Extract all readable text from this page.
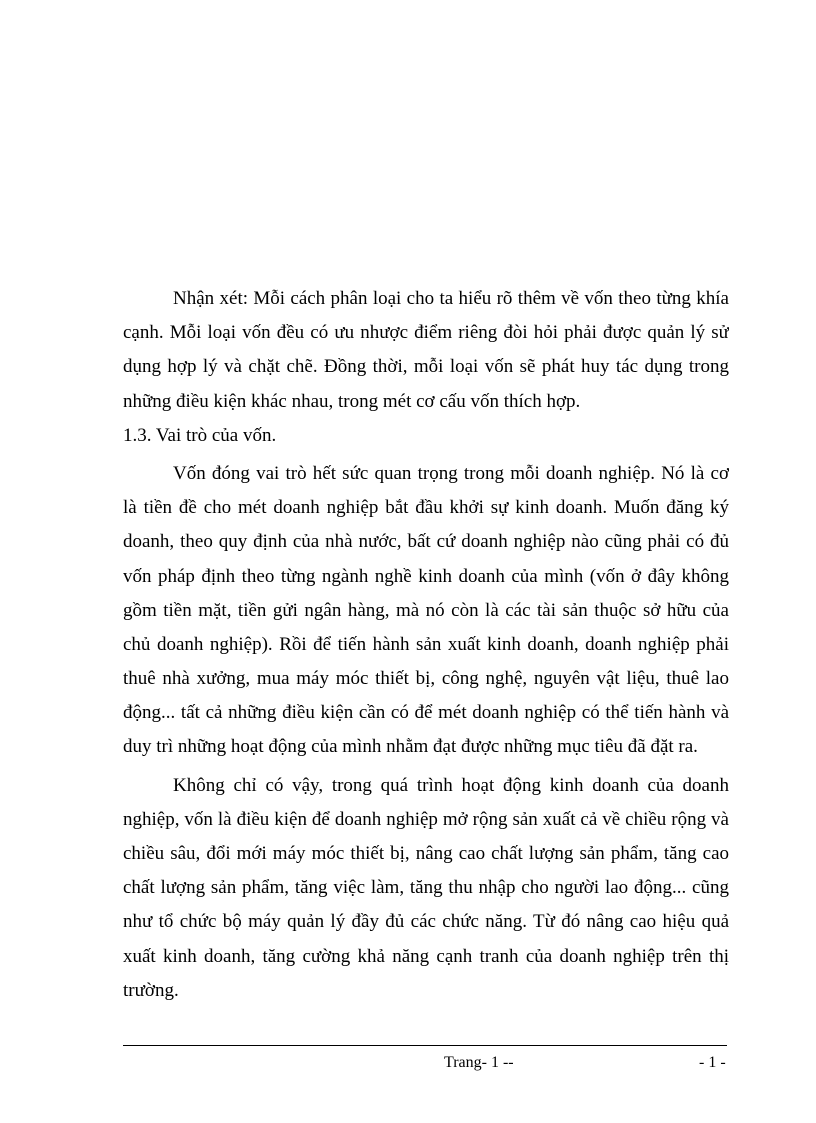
Nhận xét: Mỗi cách phân loại cho ta hiểu rõ thêm về vốn theo từng khía
cạnh. Mỗi loại vốn đều có ưu nhược điểm riêng đòi hỏi phải được quản lý sử
dụng hợp lý và chặt chẽ. Đồng thời, mỗi loại vốn sẽ phát huy tác dụng trong
những điều kiện khác nhau, trong mét cơ cấu vốn thích hợp.
1.3. Vai trò của vốn.
Vốn đóng vai trò hết sức quan trọng trong mỗi doanh nghiệp. Nó là cơ
là tiền đề cho mét doanh nghiệp bắt đầu khởi sự kinh doanh. Muốn đăng ký
doanh, theo quy định của nhà nước, bất cứ doanh nghiệp nào cũng phải có đủ
vốn pháp định theo từng ngành nghề kinh doanh của mình (vốn ở đây không
gồm tiền mặt, tiền gửi ngân hàng, mà nó còn là các tài sản thuộc sở hữu của
chủ doanh nghiệp). Rồi để tiến hành sản xuất kinh doanh, doanh nghiệp phải
thuê nhà xưởng, mua máy móc thiết bị, công nghệ, nguyên vật liệu, thuê lao
động... tất cả những điều kiện cần có để mét doanh nghiệp có thể tiến hành và
duy trì những hoạt động của mình nhằm đạt được những mục tiêu đã đặt ra.
Không chỉ có vậy, trong quá trình hoạt động kinh doanh của doanh
nghiệp, vốn là điều kiện để doanh nghiệp mở rộng sản xuất cả về chiều rộng và
chiều sâu, đổi mới máy móc thiết bị, nâng cao chất lượng sản phẩm, tăng cao
chất lượng sản phẩm, tăng việc làm, tăng thu nhập cho người lao động... cũng
như tổ chức bộ máy quản lý đầy đủ các chức năng. Từ đó nâng cao hiệu quả
xuất kinh doanh, tăng cường khả năng cạnh tranh của doanh nghiệp trên thị
trường.
Trang- 1 --	- 1 -
